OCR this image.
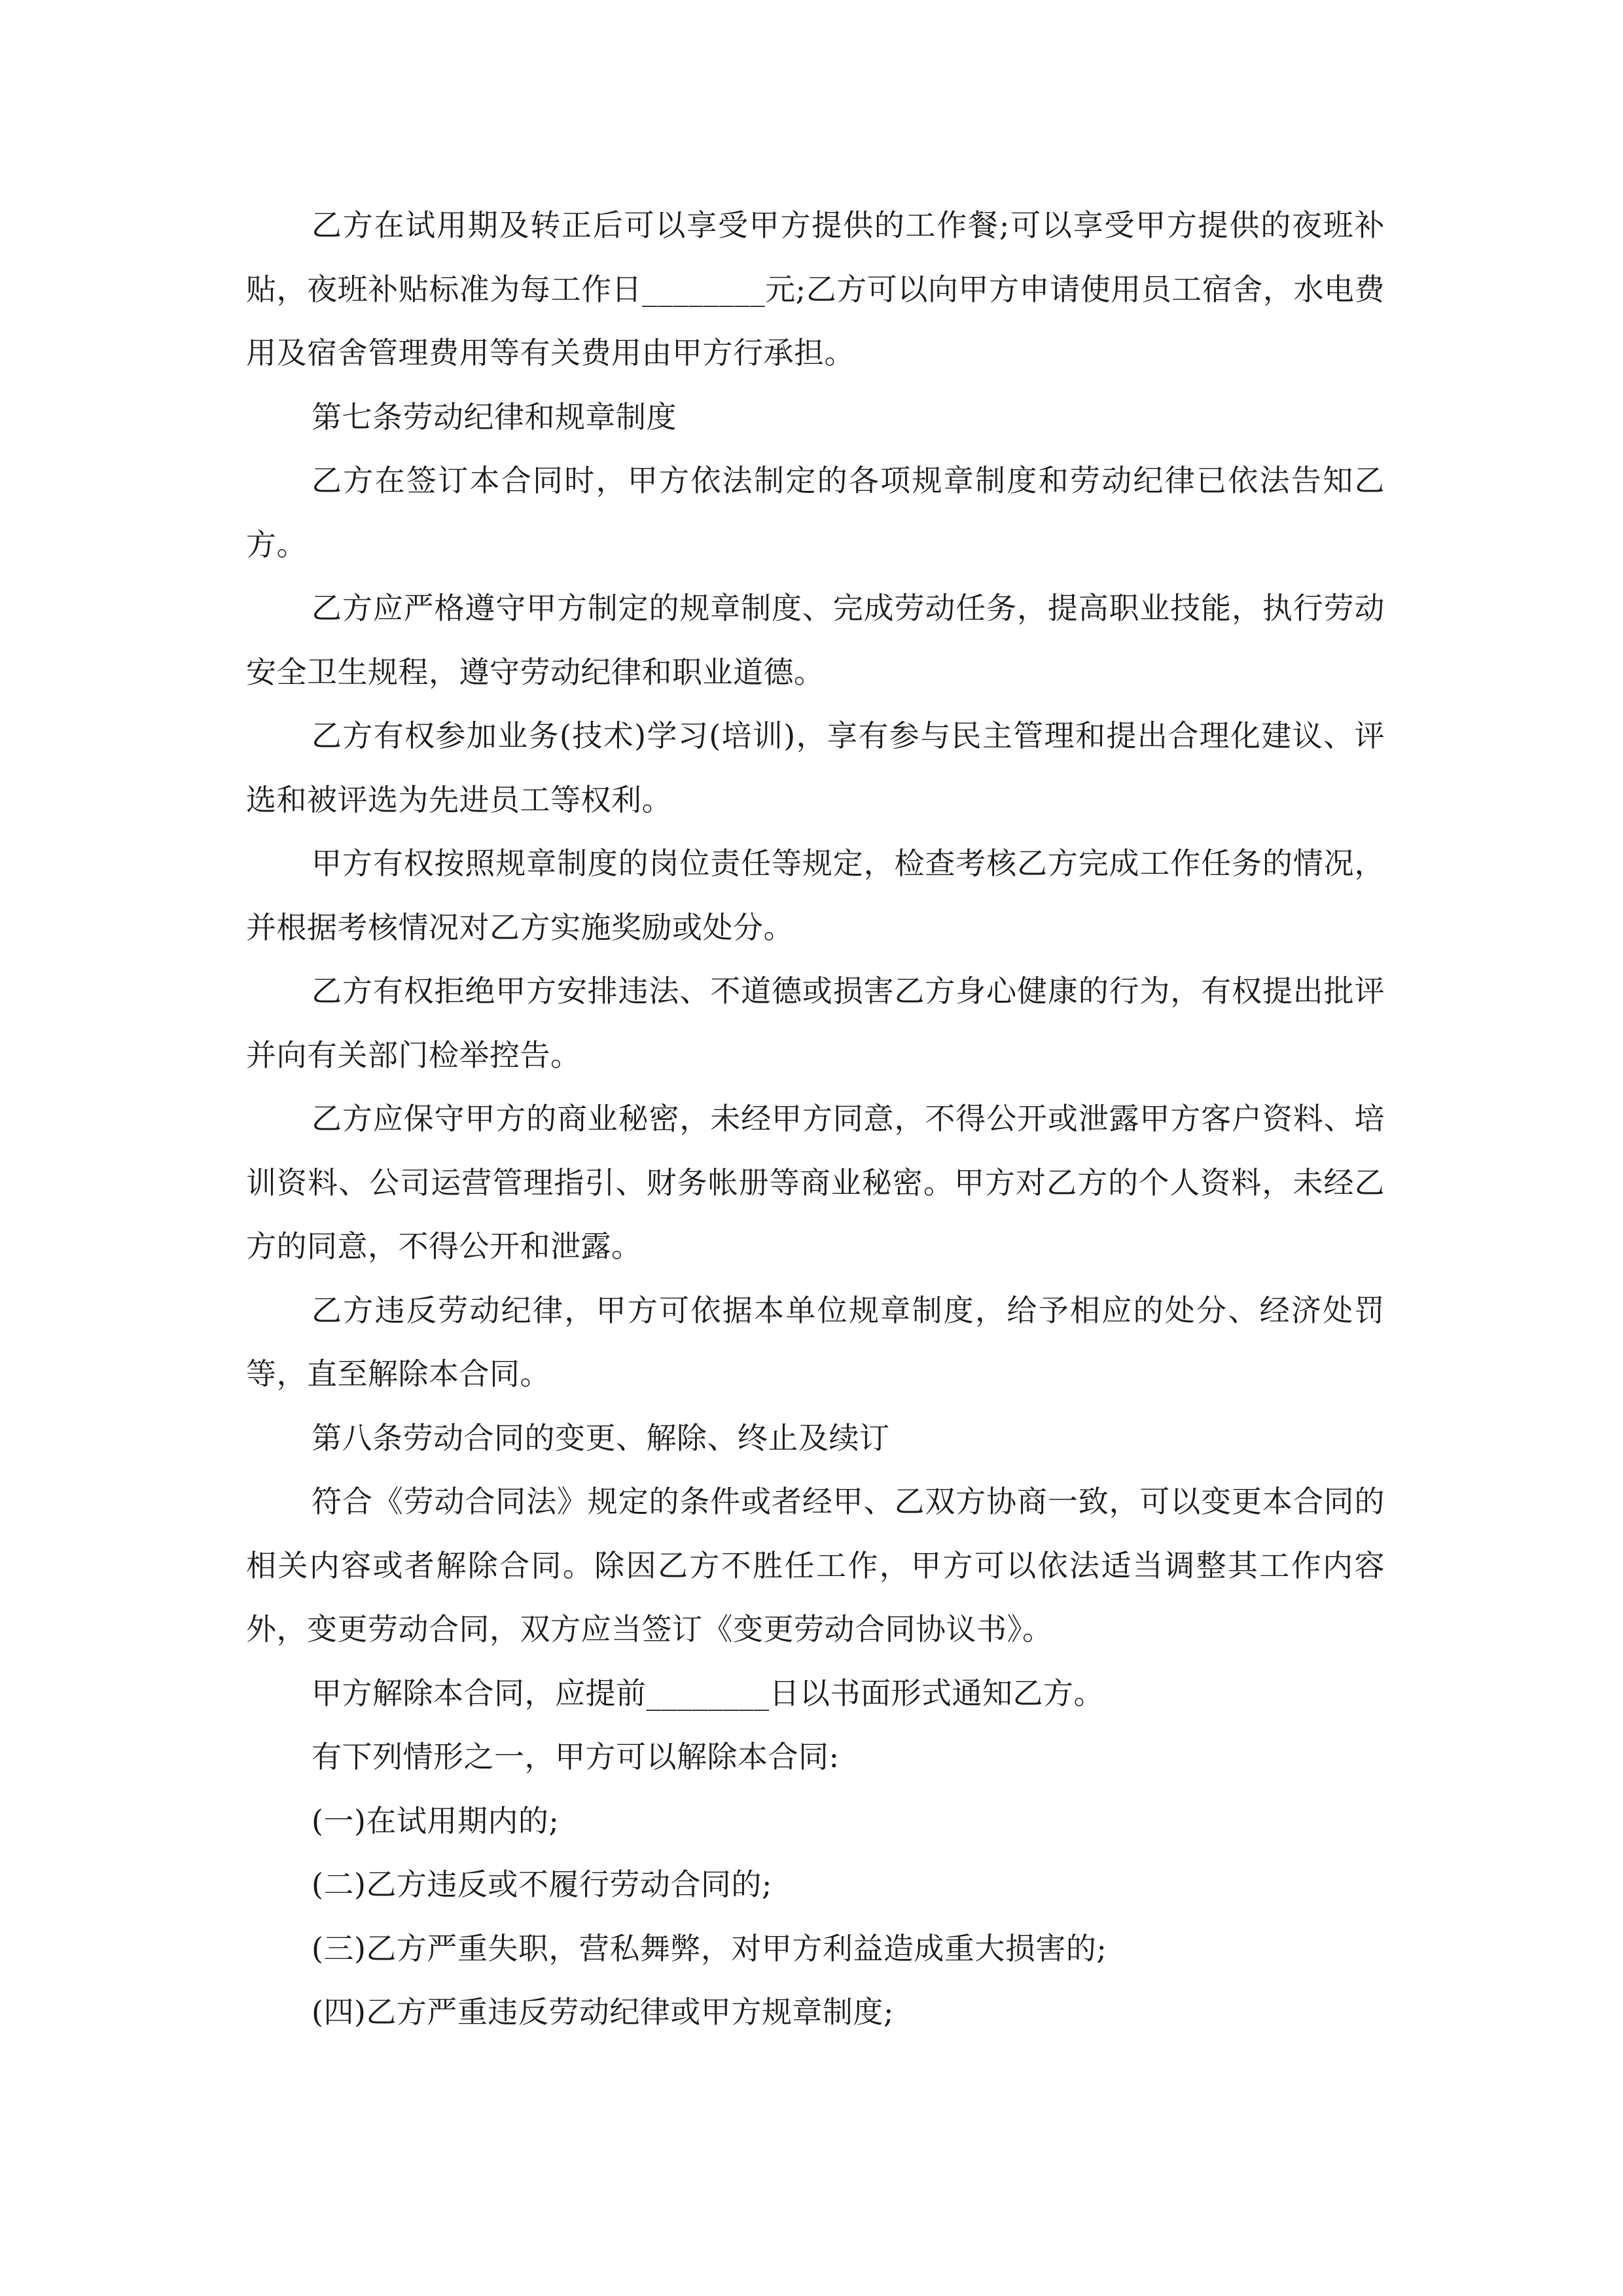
乙方在试用期及转正后可以享受甲方提供的工作餐;可以享受甲方提供的夜班补贴，夜班补贴标准为每工作日________元;乙方可以向甲方申请使用员工宿舍，水电费用及宿舍管理费用等有关费用由甲方行承担。

第七条劳动纪律和规章制度

乙方在签订本合同时，甲方依法制定的各项规章制度和劳动纪律已依法告知乙方。

乙方应严格遵守甲方制定的规章制度、完成劳动任务，提高职业技能，执行劳动安全卫生规程，遵守劳动纪律和职业道德。

乙方有权参加业务(技术)学习(培训)，享有参与民主管理和提出合理化建议、评选和被评选为先进员工等权利。

甲方有权按照规章制度的岗位责任等规定，检查考核乙方完成工作任务的情况，并根据考核情况对乙方实施奖励或处分。

乙方有权拒绝甲方安排违法、不道德或损害乙方身心健康的行为，有权提出批评并向有关部门检举控告。

乙方应保守甲方的商业秘密，未经甲方同意，不得公开或泄露甲方客户资料、培训资料、公司运营管理指引、财务帐册等商业秘密。甲方对乙方的个人资料，未经乙方的同意，不得公开和泄露。

乙方违反劳动纪律，甲方可依据本单位规章制度，给予相应的处分、经济处罚等，直至解除本合同。

第八条劳动合同的变更、解除、终止及续订

符合《劳动合同法》规定的条件或者经甲、乙双方协商一致，可以变更本合同的相关内容或者解除合同。除因乙方不胜任工作，甲方可以依法适当调整其工作内容外，变更劳动合同，双方应当签订《变更劳动合同协议书》。

甲方解除本合同，应提前________日以书面形式通知乙方。

有下列情形之一，甲方可以解除本合同:

(一)在试用期内的;

(二)乙方违反或不履行劳动合同的;

(三)乙方严重失职，营私舞弊，对甲方利益造成重大损害的;

(四)乙方严重违反劳动纪律或甲方规章制度;
